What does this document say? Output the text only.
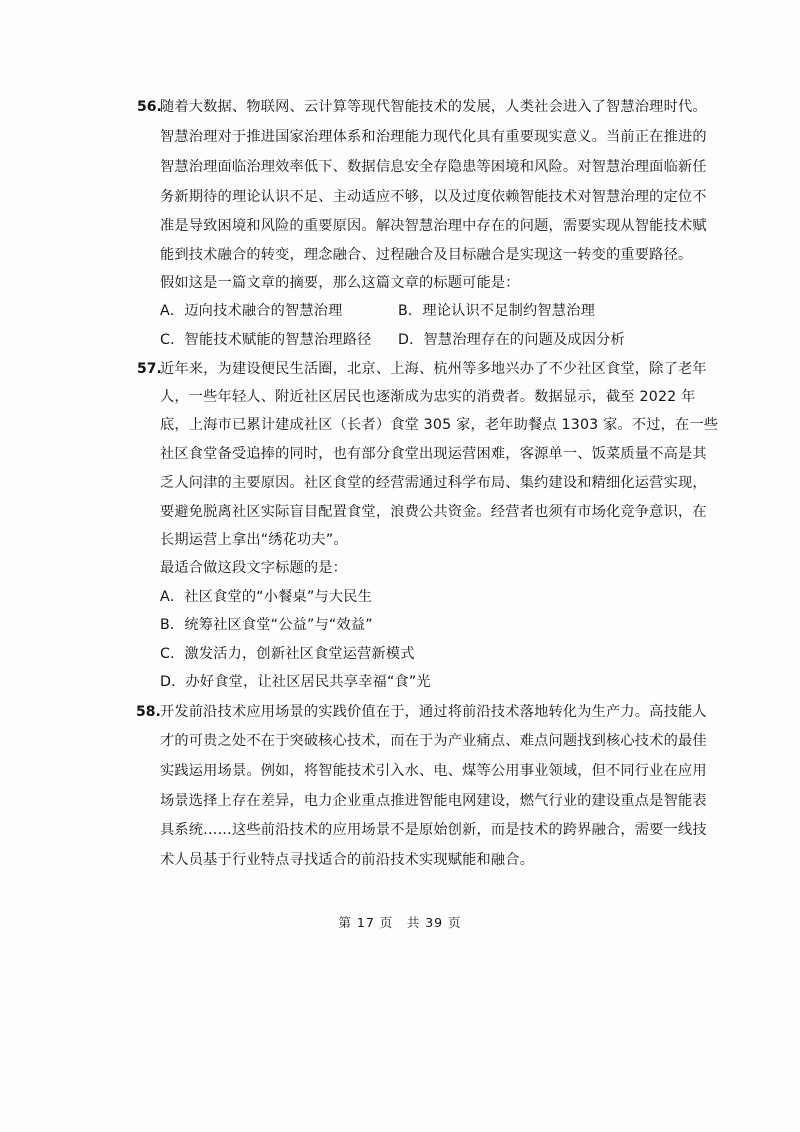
56.
随着大数据、物联网、云计算等现代智能技术的发展，人类社会进入了智慧治理时代。
智慧治理对于推进国家治理体系和治理能力现代化具有重要现实意义。当前正在推进的
智慧治理面临治理效率低下、数据信息安全存隐患等困境和风险。对智慧治理面临新任
务新期待的理论认识不足、主动适应不够，以及过度依赖智能技术对智慧治理的定位不
准是导致困境和风险的重要原因。解决智慧治理中存在的问题，需要实现从智能技术赋
能到技术融合的转变，理念融合、过程融合及目标融合是实现这一转变的重要路径。
假如这是一篇文章的摘要，那么这篇文章的标题可能是：
A．迈向技术融合的智慧治理	B．理论认识不足制约智慧治理
C．智能技术赋能的智慧治理路径 D．智慧治理存在的问题及成因分析
57.
近年来，为建设便民生活圈，北京、上海、杭州等多地兴办了不少社区食堂，除了老年
人，一些年轻人、附近社区居民也逐渐成为忠实的消费者。数据显示，截至 2022 年
底，上海市已累计建成社区（长者）食堂 305 家，老年助餐点 1303 家。不过，在一些
社区食堂备受追捧的同时，也有部分食堂出现运营困难，客源单一、饭菜质量不高是其
乏人问津的主要原因。社区食堂的经营需通过科学布局、集约建设和精细化运营实现，
要避免脱离社区实际盲目配置食堂，浪费公共资金。经营者也须有市场化竞争意识，在
长期运营上拿出“绣花功夫”。
最适合做这段文字标题的是：
A．社区食堂的“小餐桌”与大民生
B．统筹社区食堂“公益”与“效益”
C．激发活力，创新社区食堂运营新模式
D．办好食堂，让社区居民共享幸福“食”光
58. 开发前沿技术应用场景的实践价值在于，通过将前沿技术落地转化为生产力。高技能人
才的可贵之处不在于突破核心技术，而在于为产业痛点、难点问题找到核心技术的最佳
实践运用场景。例如，将智能技术引入水、电、煤等公用事业领域，但不同行业在应用
场景选择上存在差异，电力企业重点推进智能电网建设，燃气行业的建设重点是智能表
具系统……这些前沿技术的应用场景不是原始创新，而是技术的跨界融合，需要一线技
术人员基于行业特点寻找适合的前沿技术实现赋能和融合。
第 17 页　共 39 页
